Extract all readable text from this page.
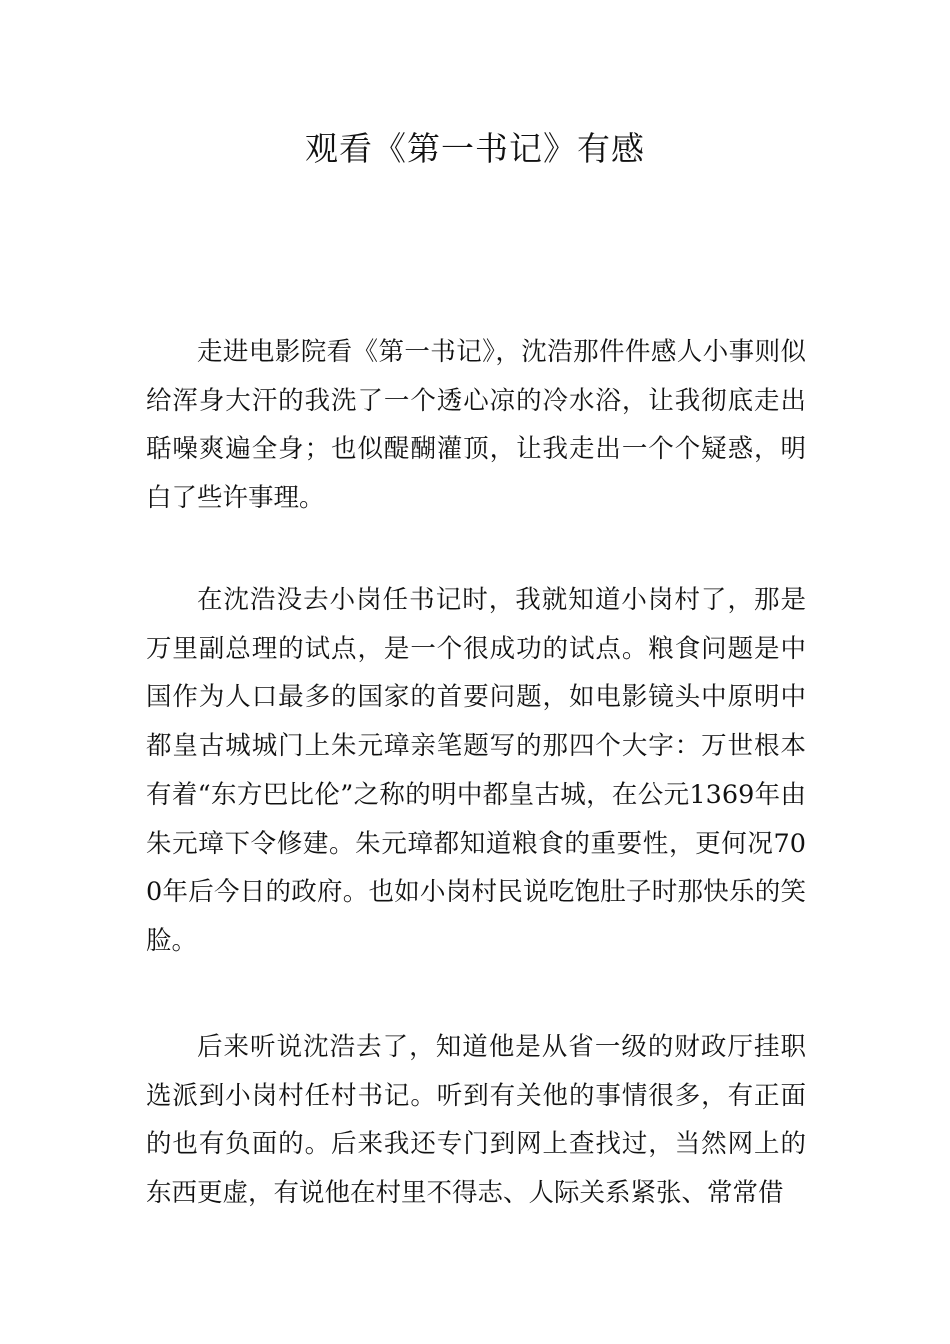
观看《第一书记》有感

走进电影院看《第一书记》，沈浩那件件感人小事则似给浑身大汗的我洗了一个透心凉的冷水浴，让我彻底走出聒噪爽遍全身；也似醍醐灌顶，让我走出一个个疑惑，明白了些许事理。

在沈浩没去小岗任书记时，我就知道小岗村了，那是万里副总理的试点，是一个很成功的试点。粮食问题是中国作为人口最多的国家的首要问题，如电影镜头中原明中都皇古城城门上朱元璋亲笔题写的那四个大字：万世根本有着“东方巴比伦”之称的明中都皇古城，在公元1369年由朱元璋下令修建。朱元璋都知道粮食的重要性，更何况700年后今日的政府。也如小岗村民说吃饱肚子时那快乐的笑脸。

后来听说沈浩去了，知道他是从省一级的财政厅挂职选派到小岗村任村书记。听到有关他的事情很多，有正面的也有负面的。后来我还专门到网上查找过，当然网上的东西更虚，有说他在村里不得志、人际关系紧张、常常借
